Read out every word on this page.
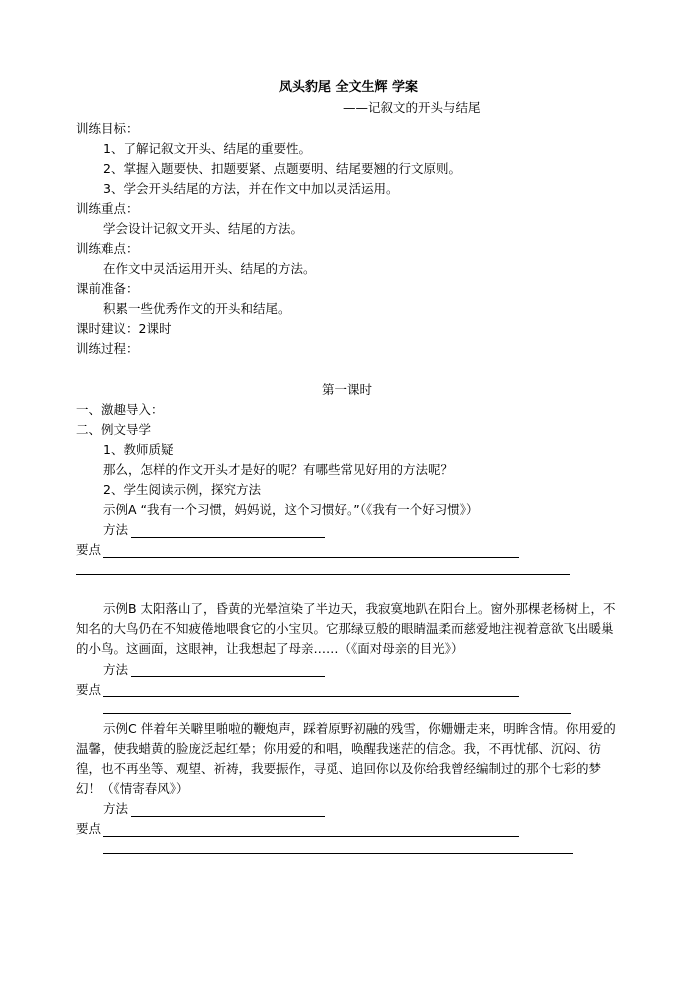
凤头豹尾 全文生辉 学案
——记叙文的开头与结尾
训练目标：
1、了解记叙文开头、结尾的重要性。
2、掌握入题要快、扣题要紧、点题要明、结尾要翘的行文原则。
3、学会开头结尾的方法，并在作文中加以灵活运用。
训练重点：
学会设计记叙文开头、结尾的方法。
训练难点：
在作文中灵活运用开头、结尾的方法。
课前准备：
积累一些优秀作文的开头和结尾。
课时建议：2课时
训练过程：
第一课时
一、激趣导入：
二、例文导学
1、教师质疑
那么，怎样的作文开头才是好的呢？有哪些常见好用的方法呢？
2、学生阅读示例，探究方法
示例A “我有一个习惯，妈妈说，这个习惯好。”（《我有一个好习惯》）
方法
要点
示例B 太阳落山了，昏黄的光晕渲染了半边天，我寂寞地趴在阳台上。窗外那棵老杨树上，不知名的大鸟仍在不知疲倦地喂食它的小宝贝。它那绿豆般的眼睛温柔而慈爱地注视着意欲飞出暖巢的小鸟。这画面，这眼神，让我想起了母亲……（《面对母亲的目光》）
方法
要点
示例C 伴着年关噼里啪啦的鞭炮声，踩着原野初融的残雪，你姗姗走来，明眸含情。你用爱的温馨，使我蜡黄的脸庞泛起红晕；你用爱的和唱，唤醒我迷茫的信念。我，不再忧郁、沉闷、彷徨，也不再坐等、观望、祈祷，我要振作，寻觅、追回你以及你给我曾经编制过的那个七彩的梦幻！（《情寄春风》）
方法
要点
